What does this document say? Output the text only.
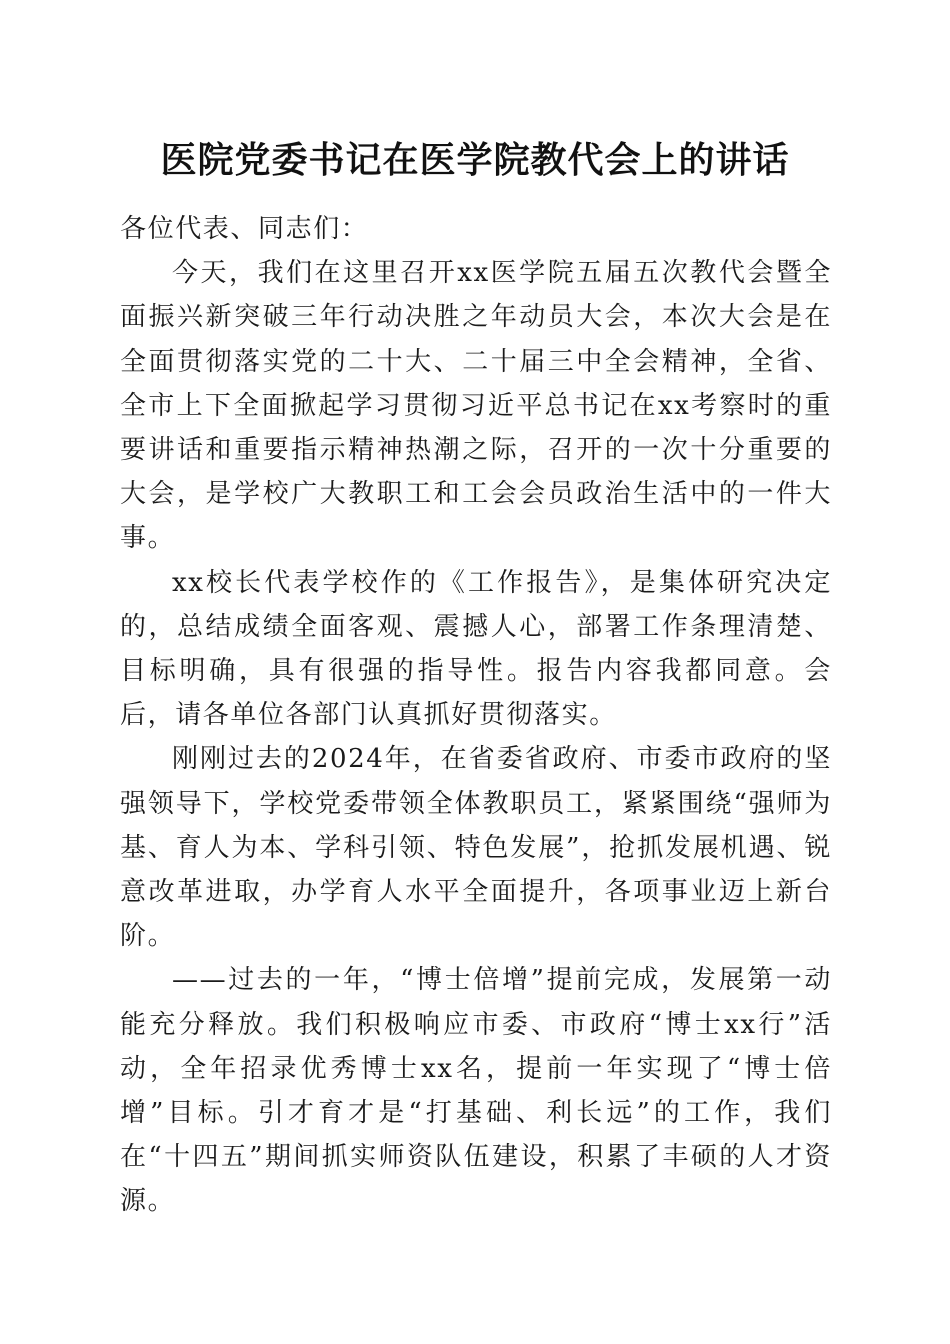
医院党委书记在医学院教代会上的讲话

各位代表、同志们：

今天，我们在这里召开xx医学院五届五次教代会暨全面振兴新突破三年行动决胜之年动员大会，本次大会是在全面贯彻落实党的二十大、二十届三中全会精神，全省、全市上下全面掀起学习贯彻习近平总书记在xx考察时的重要讲话和重要指示精神热潮之际，召开的一次十分重要的大会，是学校广大教职工和工会会员政治生活中的一件大事。

xx校长代表学校作的《工作报告》，是集体研究决定的，总结成绩全面客观、震撼人心，部署工作条理清楚、目标明确，具有很强的指导性。报告内容我都同意。会后，请各单位各部门认真抓好贯彻落实。

刚刚过去的2024年，在省委省政府、市委市政府的坚强领导下，学校党委带领全体教职员工，紧紧围绕“强师为基、育人为本、学科引领、特色发展”，抢抓发展机遇、锐意改革进取，办学育人水平全面提升，各项事业迈上新台阶。

——过去的一年，“博士倍增”提前完成，发展第一动能充分释放。我们积极响应市委、市政府“博士xx行”活动，全年招录优秀博士xx名，提前一年实现了“博士倍增”目标。引才育才是“打基础、利长远”的工作，我们在“十四五”期间抓实师资队伍建设，积累了丰硕的人才资源。
